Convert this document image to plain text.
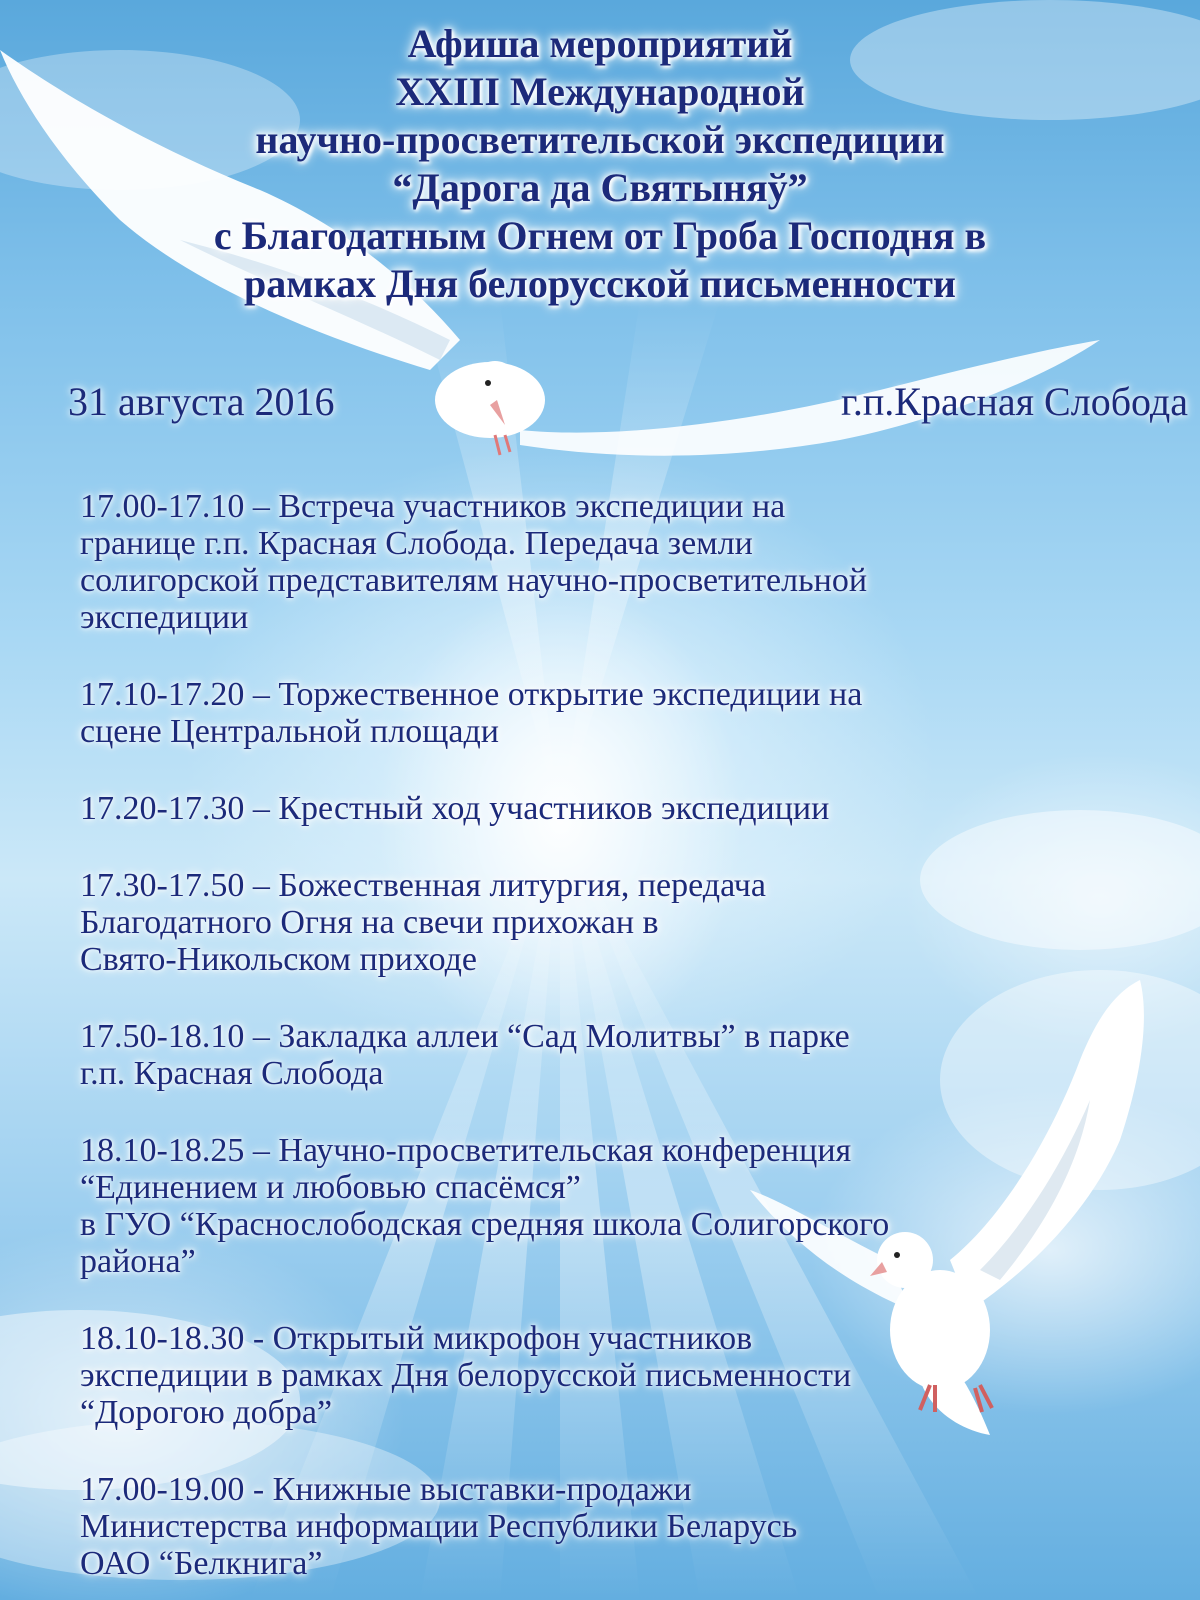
Афиша мероприятий
XXIII Международной
научно-просветительской экспедиции
“Дарога да Святыняў”
с Благодатным Огнем от Гроба Господня в
рамках Дня белорусской письменности
31 августа 2016	г.п.Красная Слобода
17.00-17.10 – Встреча участников экспедиции на
границе г.п. Красная Слобода. Передача земли
солигорской представителям научно-просветительной
экспедиции
17.10-17.20 – Торжественное открытие экспедиции на
сцене Центральной площади
17.20-17.30 – Крестный ход участников экспедиции
17.30-17.50 – Божественная литургия, передача
Благодатного Огня на свечи прихожан в
Свято-Никольском приходе
17.50-18.10 – Закладка аллеи “Сад Молитвы” в парке
г.п. Красная Слобода
18.10-18.25 – Научно-просветительская конференция
“Единением и любовью спасёмся”
в ГУО “Краснослободская средняя школа Солигорского
района”
18.10-18.30 - Открытый микрофон участников
экспедиции в рамках Дня белорусской письменности
“Дорогою добра”
17.00-19.00 - Книжные выставки-продажи
Министерства информации Республики Беларусь
ОАО “Белкнига”
